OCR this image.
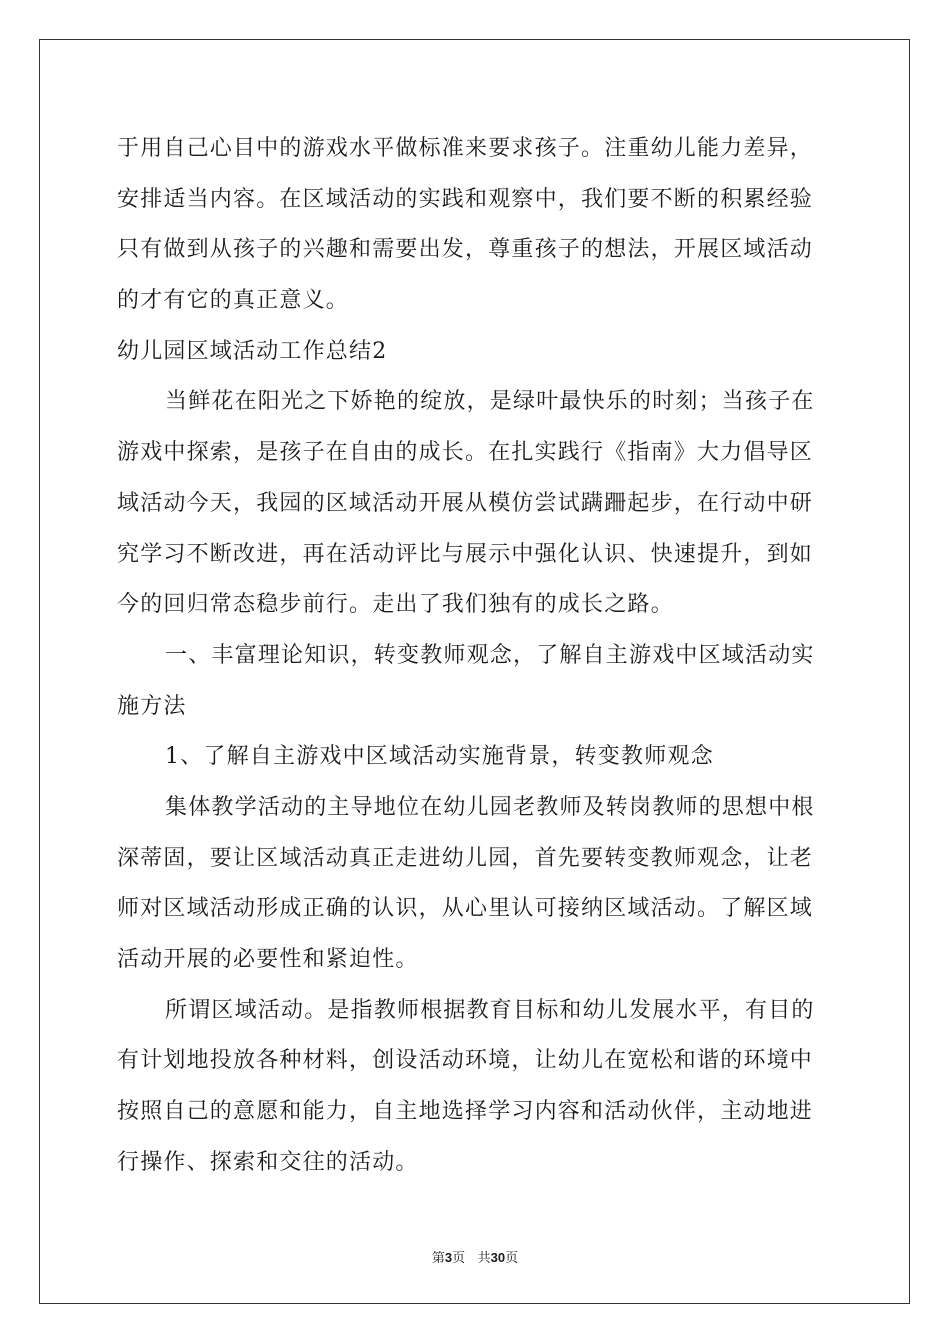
于用自己心目中的游戏水平做标准来要求孩子。注重幼儿能力差异，
安排适当内容。在区域活动的实践和观察中，我们要不断的积累经验
只有做到从孩子的兴趣和需要出发，尊重孩子的想法，开展区域活动
的才有它的真正意义。
幼儿园区域活动工作总结2
当鲜花在阳光之下娇艳的绽放，是绿叶最快乐的时刻；当孩子在
游戏中探索，是孩子在自由的成长。在扎实践行《指南》大力倡导区
域活动今天，我园的区域活动开展从模仿尝试蹒跚起步，在行动中研
究学习不断改进，再在活动评比与展示中强化认识、快速提升，到如
今的回归常态稳步前行。走出了我们独有的成长之路。
一、丰富理论知识，转变教师观念，了解自主游戏中区域活动实
施方法
1、了解自主游戏中区域活动实施背景，转变教师观念
集体教学活动的主导地位在幼儿园老教师及转岗教师的思想中根
深蒂固，要让区域活动真正走进幼儿园，首先要转变教师观念，让老
师对区域活动形成正确的认识，从心里认可接纳区域活动。了解区域
活动开展的必要性和紧迫性。
所谓区域活动。是指教师根据教育目标和幼儿发展水平，有目的
有计划地投放各种材料，创设活动环境，让幼儿在宽松和谐的环境中
按照自己的意愿和能力，自主地选择学习内容和活动伙伴，主动地进
行操作、探索和交往的活动。
第3页 共30页
